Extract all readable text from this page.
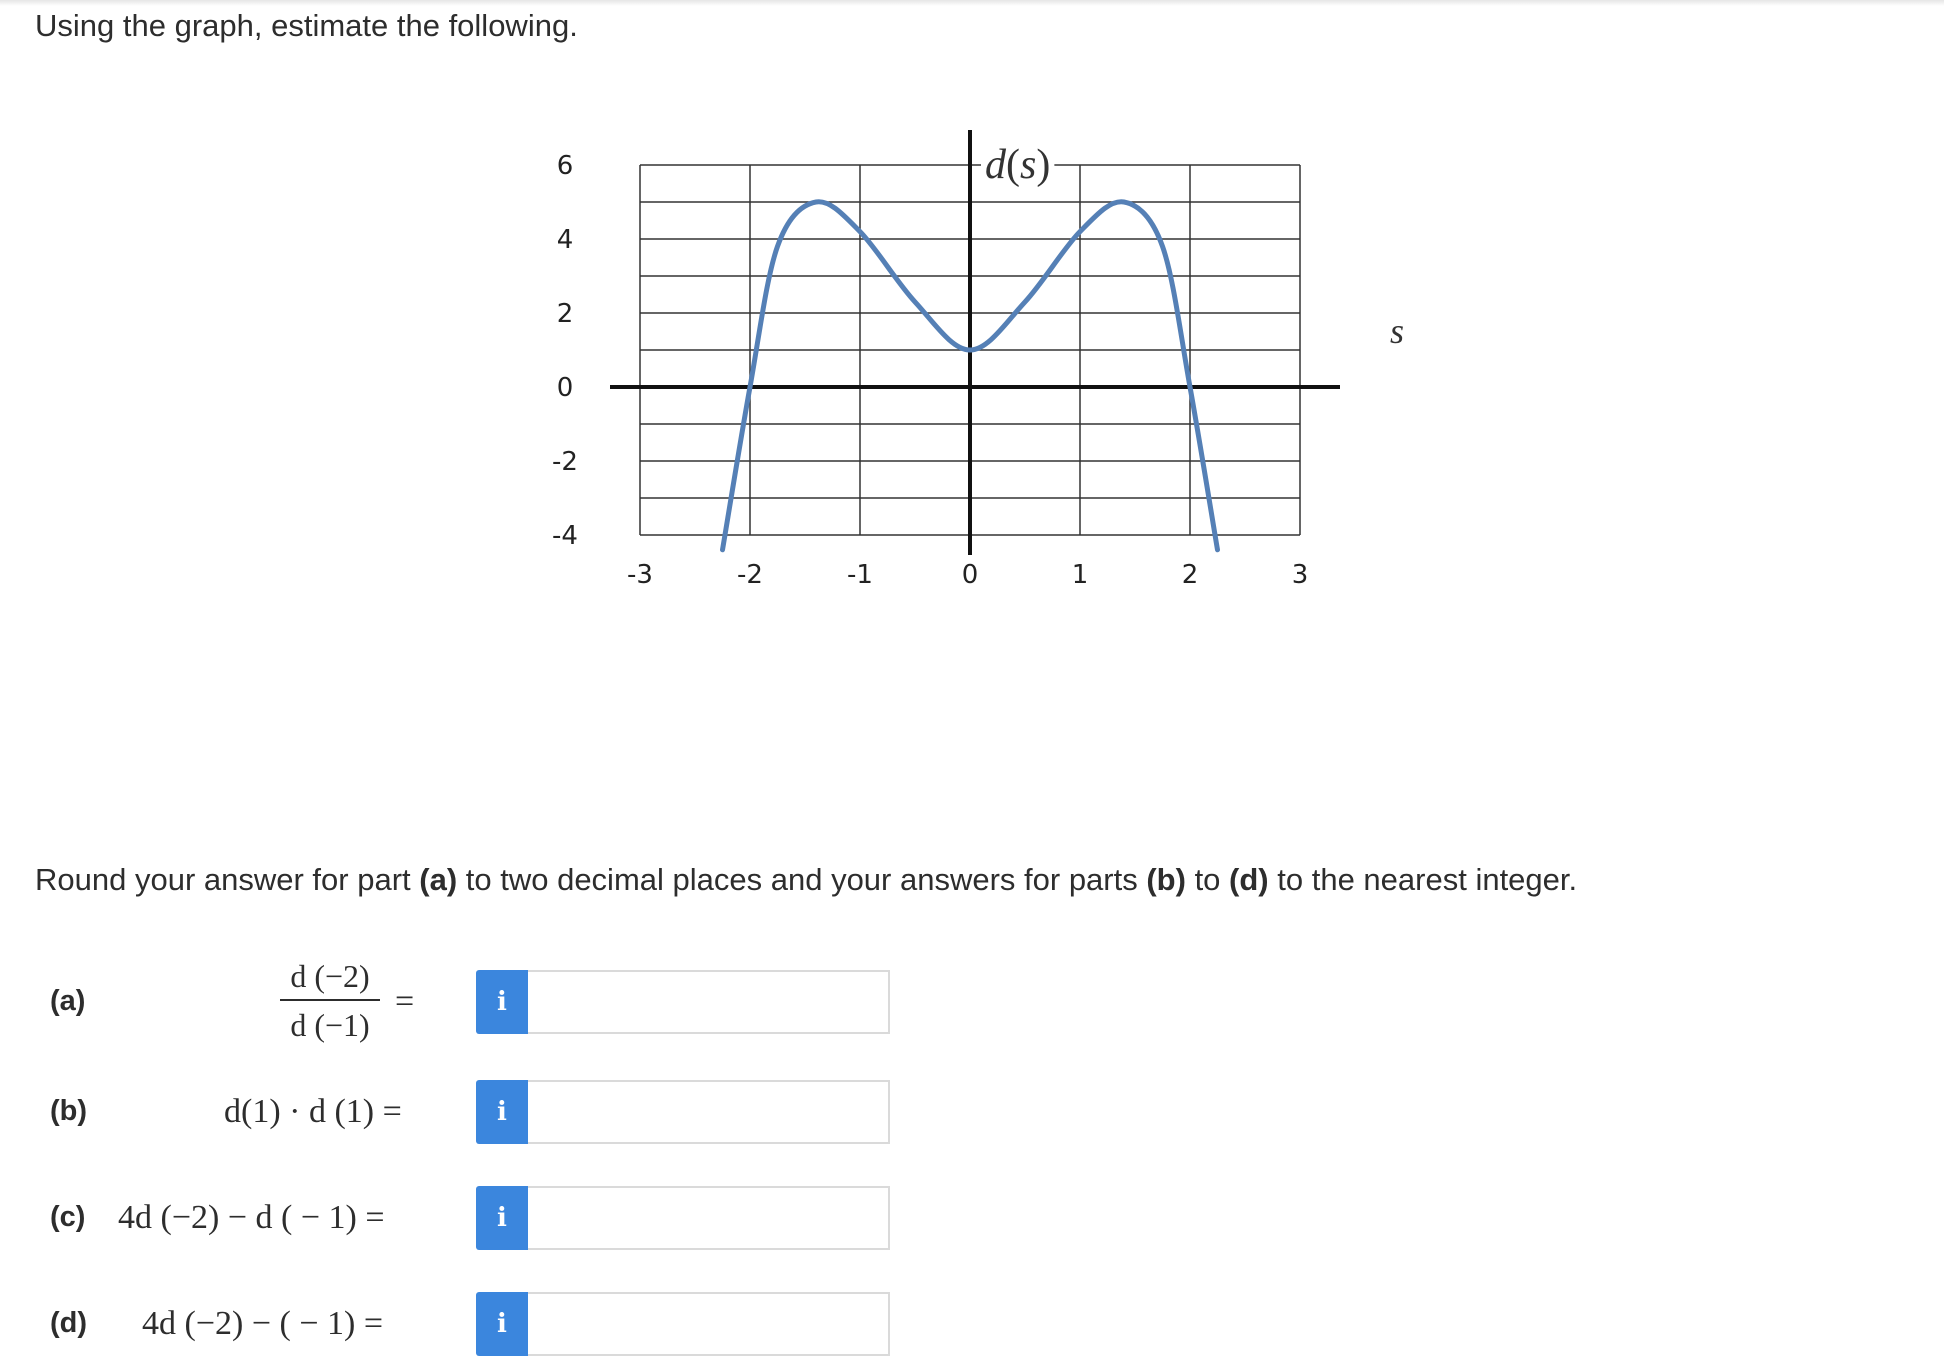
Using the graph, estimate the following.
-3	-2	-1	0	1	2	3
6
4
2
0
-2
-4
d(s)
s
Round your answer for part (a) to two decimal places and your answers for parts (b) to (d) to the nearest integer.
(a)
d (−2)
d (−1)
=	i
(b)	d(1) · d (1) =	i
(c) 4d (−2) − d ( − 1) =	i
(d) 4d (−2) − ( − 1) =	i
